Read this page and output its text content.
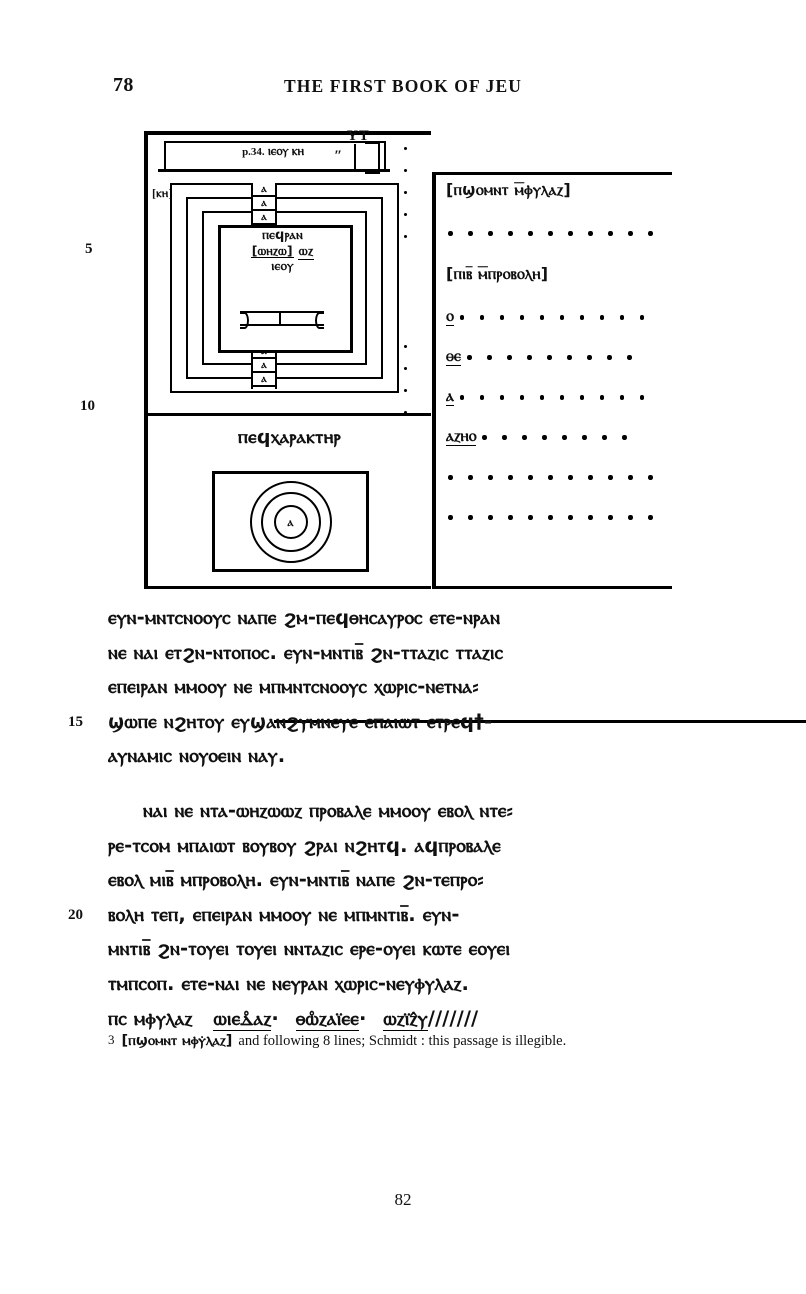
78	THE FIRST BOOK OF JEU
p.34. ⲓⲉⲟⲩ ⲕⲏ
ΥΤ
″
[ⲕⲏ]	ⲁ
ⲁ
ⲁ
ⲁ
ⲁ
ⲡⲉϥⲣⲁⲛ
[ⲱⲏⲍⲱ] ⲱⲍ
ⲓⲉⲟⲩ
ⲡⲉϥⲭⲁⲣⲁⲕⲧⲏⲣ
ⲁ
[ⲡϣⲟⲙⲛⲧ ⲙ̅ⲫⲩⲗⲁⲍ]
[ⲡⲓⲃ̅ ⲙ̅ⲡⲣⲟⲃⲟⲗⲏ]
ⲟ
ⲑⲉ
ⲁ
ⲁⲍⲏⲟ
5
10
ⲉⲩⲛ-ⲙⲛⲧⲥⲛⲟⲟⲩⲥ ⲛⲁⲡⲉ ϩⲙ-ⲡⲉϥⲑⲏⲥⲁⲩⲣⲟⲥ ⲉⲧⲉ-ⲛⲣⲁⲛ
ⲛⲉ ⲛⲁⲓ ⲉⲧϩⲛ-ⲛⲧⲟⲡⲟⲥ. ⲉⲩⲛ-ⲙⲛⲧⲓⲃ̅ ϩⲛ-ⲧⲧⲁⲍⲓⲥ ⲧⲧⲁⲍⲓⲥ
ⲉⲡⲉⲓⲣⲁⲛ ⲙⲙⲟⲟⲩ ⲛⲉ ⲙⲡⲙⲛⲧⲥⲛⲟⲟⲩⲥ ⲭⲱⲣⲓⲥ-ⲛⲉⲧⲛⲁ⸗
15 ϣⲱⲡⲉ ⲛϩⲏⲧⲟⲩ ⲉⲩϣⲁⲛϩⲩⲙⲛⲉⲩⲉ ⲉⲡⲁⲓⲱⲧ ⲉⲧⲣⲉϥ†-
ⲁⲩⲛⲁⲙⲓⲥ ⲛⲟⲩⲟⲉⲓⲛ ⲛⲁⲩ.
ⲛⲁⲓ ⲛⲉ ⲛⲧⲁ-ⲱⲏⲍⲱⲱⲍ ⲡⲣⲟⲃⲁⲗⲉ ⲙⲙⲟⲟⲩ ⲉⲃⲟⲗ ⲛⲧⲉ⸗
ⲣⲉ-ⲧⲥⲟⲙ ⲙⲡⲁⲓⲱⲧ ⲃⲟⲩⲃⲟⲩ ϩⲣⲁⲓ ⲛϩⲏⲧϥ. ⲁϥⲡⲣⲟⲃⲁⲗⲉ
ⲉⲃⲟⲗ ⲙⲓⲃ̅ ⲙⲡⲣⲟⲃⲟⲗⲏ. ⲉⲩⲛ-ⲙⲛⲧⲓⲃ̅ ⲛⲁⲡⲉ ϩⲛ-ⲧⲉⲡⲣⲟ⸗
20 ⲃⲟⲗⲏ ⲧⲉⲡ, ⲉⲡⲉⲓⲣⲁⲛ ⲙⲙⲟⲟⲩ ⲛⲉ ⲙⲡⲙⲛⲧⲓⲃ̅. ⲉⲩⲛ-
ⲙⲛⲧⲓⲃ̅ ϩⲛ-ⲧⲟⲩⲉⲓ ⲧⲟⲩⲉⲓ ⲛⲛⲧⲁⲍⲓⲥ ⲉⲣⲉ-ⲟⲩⲉⲓ ⲕⲱⲧⲉ ⲉⲟⲩⲉⲓ
ⲧⲙⲡⲥⲟⲡ. ⲉⲧⲉ-ⲛⲁⲓ ⲛⲉ ⲛⲉⲩⲣⲁⲛ ⲭⲱⲣⲓⲥ-ⲛⲉⲩⲫⲩⲗⲁⲍ.
ⲡⲥ ⲙⲫⲩⲗⲁⲍ ⲱⲓⲉⲇ̊ⲁⲍ· ⲑⲱ̊ⲍⲁⲓ̈ⲉⲉ· ⲱⲍⲓ̈ⲍ̂ⲩ///////
3 [ⲡϣⲟⲙⲛⲧ ⲙⲫⲩ̇ⲗⲁⲍ] and following 8 lines; Schmidt : this passage is illegible.
82
